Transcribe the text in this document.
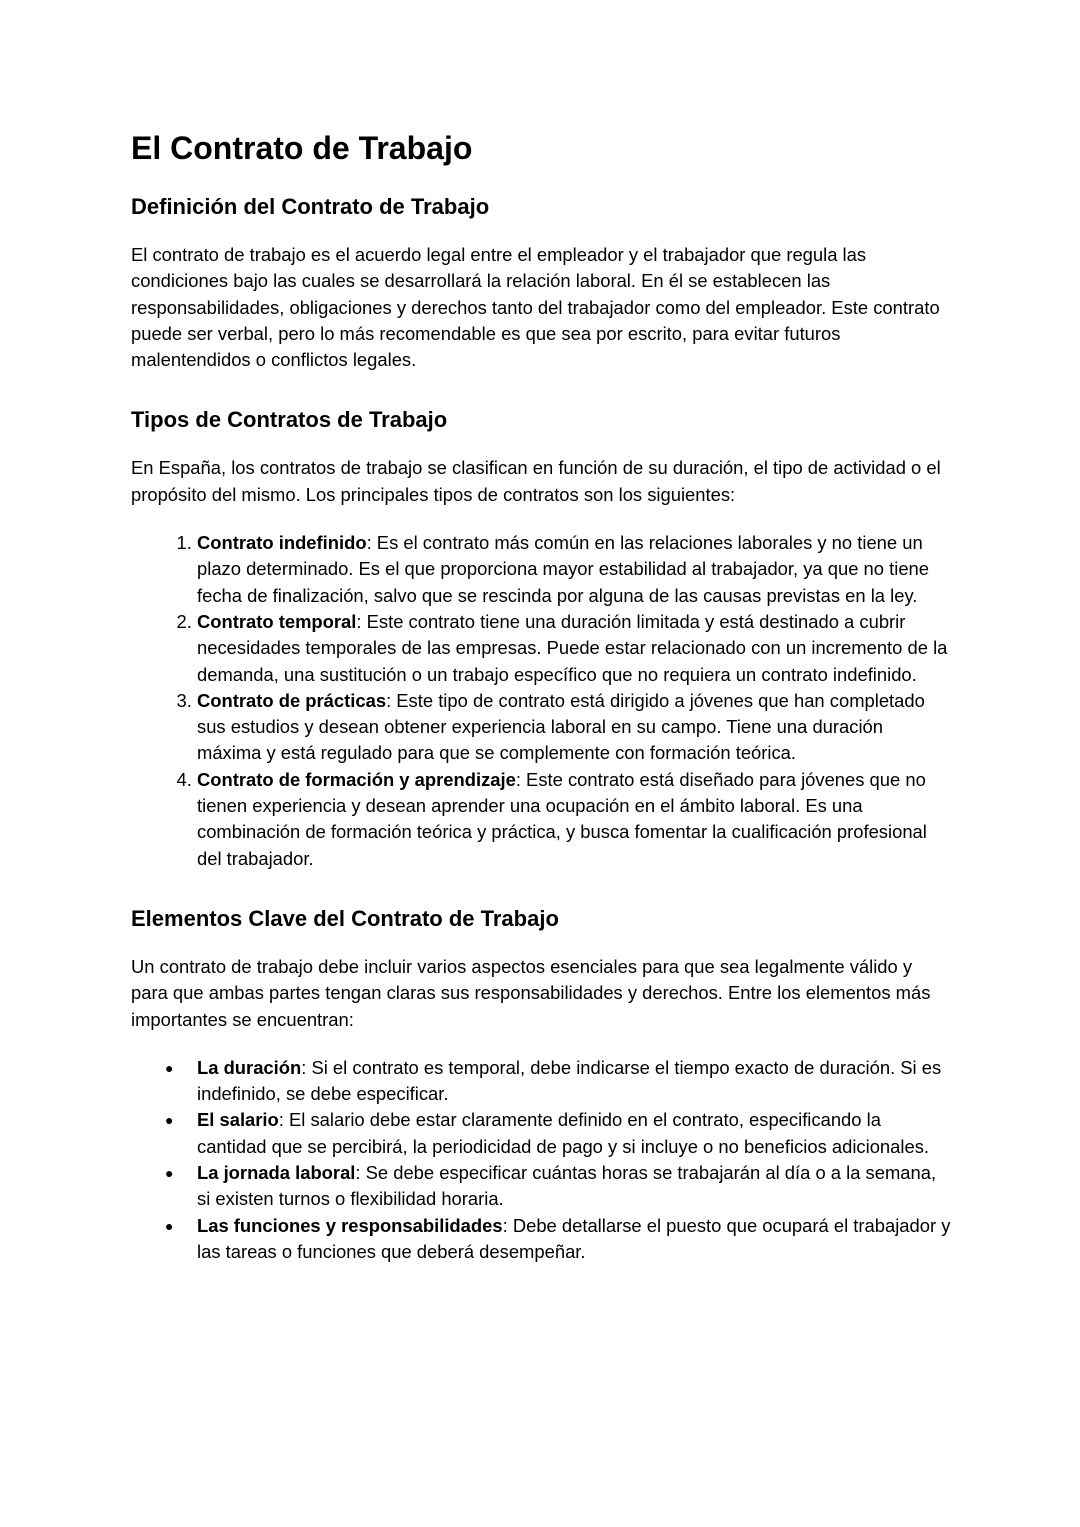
El Contrato de Trabajo
Definición del Contrato de Trabajo

El contrato de trabajo es el acuerdo legal entre el empleador y el trabajador que regula las condiciones bajo las cuales se desarrollará la relación laboral. En él se establecen las responsabilidades, obligaciones y derechos tanto del trabajador como del empleador. Este contrato puede ser verbal, pero lo más recomendable es que sea por escrito, para evitar futuros malentendidos o conflictos legales.

Tipos de Contratos de Trabajo

En España, los contratos de trabajo se clasifican en función de su duración, el tipo de actividad o el propósito del mismo. Los principales tipos de contratos son los siguientes:

1. Contrato indefinido: Es el contrato más común en las relaciones laborales y no tiene un plazo determinado. Es el que proporciona mayor estabilidad al trabajador, ya que no tiene fecha de finalización, salvo que se rescinda por alguna de las causas previstas en la ley.
2. Contrato temporal: Este contrato tiene una duración limitada y está destinado a cubrir necesidades temporales de las empresas. Puede estar relacionado con un incremento de la demanda, una sustitución o un trabajo específico que no requiera un contrato indefinido.
3. Contrato de prácticas: Este tipo de contrato está dirigido a jóvenes que han completado sus estudios y desean obtener experiencia laboral en su campo. Tiene una duración máxima y está regulado para que se complemente con formación teórica.
4. Contrato de formación y aprendizaje: Este contrato está diseñado para jóvenes que no tienen experiencia y desean aprender una ocupación en el ámbito laboral. Es una combinación de formación teórica y práctica, y busca fomentar la cualificación profesional del trabajador.
Elementos Clave del Contrato de Trabajo

Un contrato de trabajo debe incluir varios aspectos esenciales para que sea legalmente válido y para que ambas partes tengan claras sus responsabilidades y derechos. Entre los elementos más importantes se encuentran:

● La duración: Si el contrato es temporal, debe indicarse el tiempo exacto de duración. Si es indefinido, se debe especificar.
● El salario: El salario debe estar claramente definido en el contrato, especificando la cantidad que se percibirá, la periodicidad de pago y si incluye o no beneficios adicionales.
● La jornada laboral: Se debe especificar cuántas horas se trabajarán al día o a la semana, si existen turnos o flexibilidad horaria.
● Las funciones y responsabilidades: Debe detallarse el puesto que ocupará el trabajador y las tareas o funciones que deberá desempeñar.
